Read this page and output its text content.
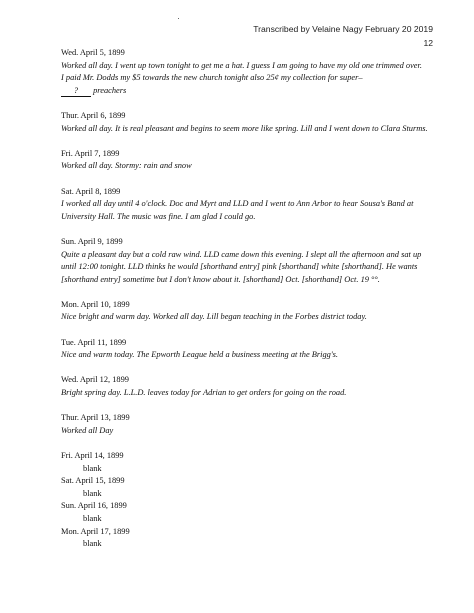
Transcribed by Velaine Nagy February 20 2019
12
Wed. April 5, 1899

Worked all day. I went up town tonight to get me a hat. I guess I am going to have my old one trimmed over.

I paid Mr. Dodds my $5 towards the new church tonight also 25¢ my collection for super–
? preachers

Thur. April 6, 1899

Worked all day. It is real pleasant and begins to seem more like spring. Lill and I went down to Clara Sturms.

Fri. April 7, 1899

Worked all day. Stormy: rain and snow

Sat. April 8, 1899

I worked all day until 4 o'clock. Doc and Myrt and LLD and I went to Ann Arbor to hear Sousa's Band at University Hall. The music was fine. I am glad I could go.

Sun. April 9, 1899

Quite a pleasant day but a cold raw wind. LLD came down this evening. I slept all the afternoon and sat up until 12:00 tonight. LLD thinks he would [shorthand entry] pink [shorthand] white [shorthand]. He wants [shorthand entry] sometime but I don't know about it. [shorthand] Oct. [shorthand] Oct. 19 °°.

Mon. April 10, 1899

Nice bright and warm day. Worked all day. Lill began teaching in the Forbes district today.

Tue. April 11, 1899

Nice and warm today. The Epworth League held a business meeting at the Brigg's.

Wed. April 12, 1899

Bright spring day. L.L.D. leaves today for Adrian to get orders for going on the road.

Thur. April 13, 1899

Worked all Day

Fri. April 14, 1899
blank
Sat. April 15, 1899
blank
Sun. April 16, 1899
blank
Mon. April 17, 1899
blank
